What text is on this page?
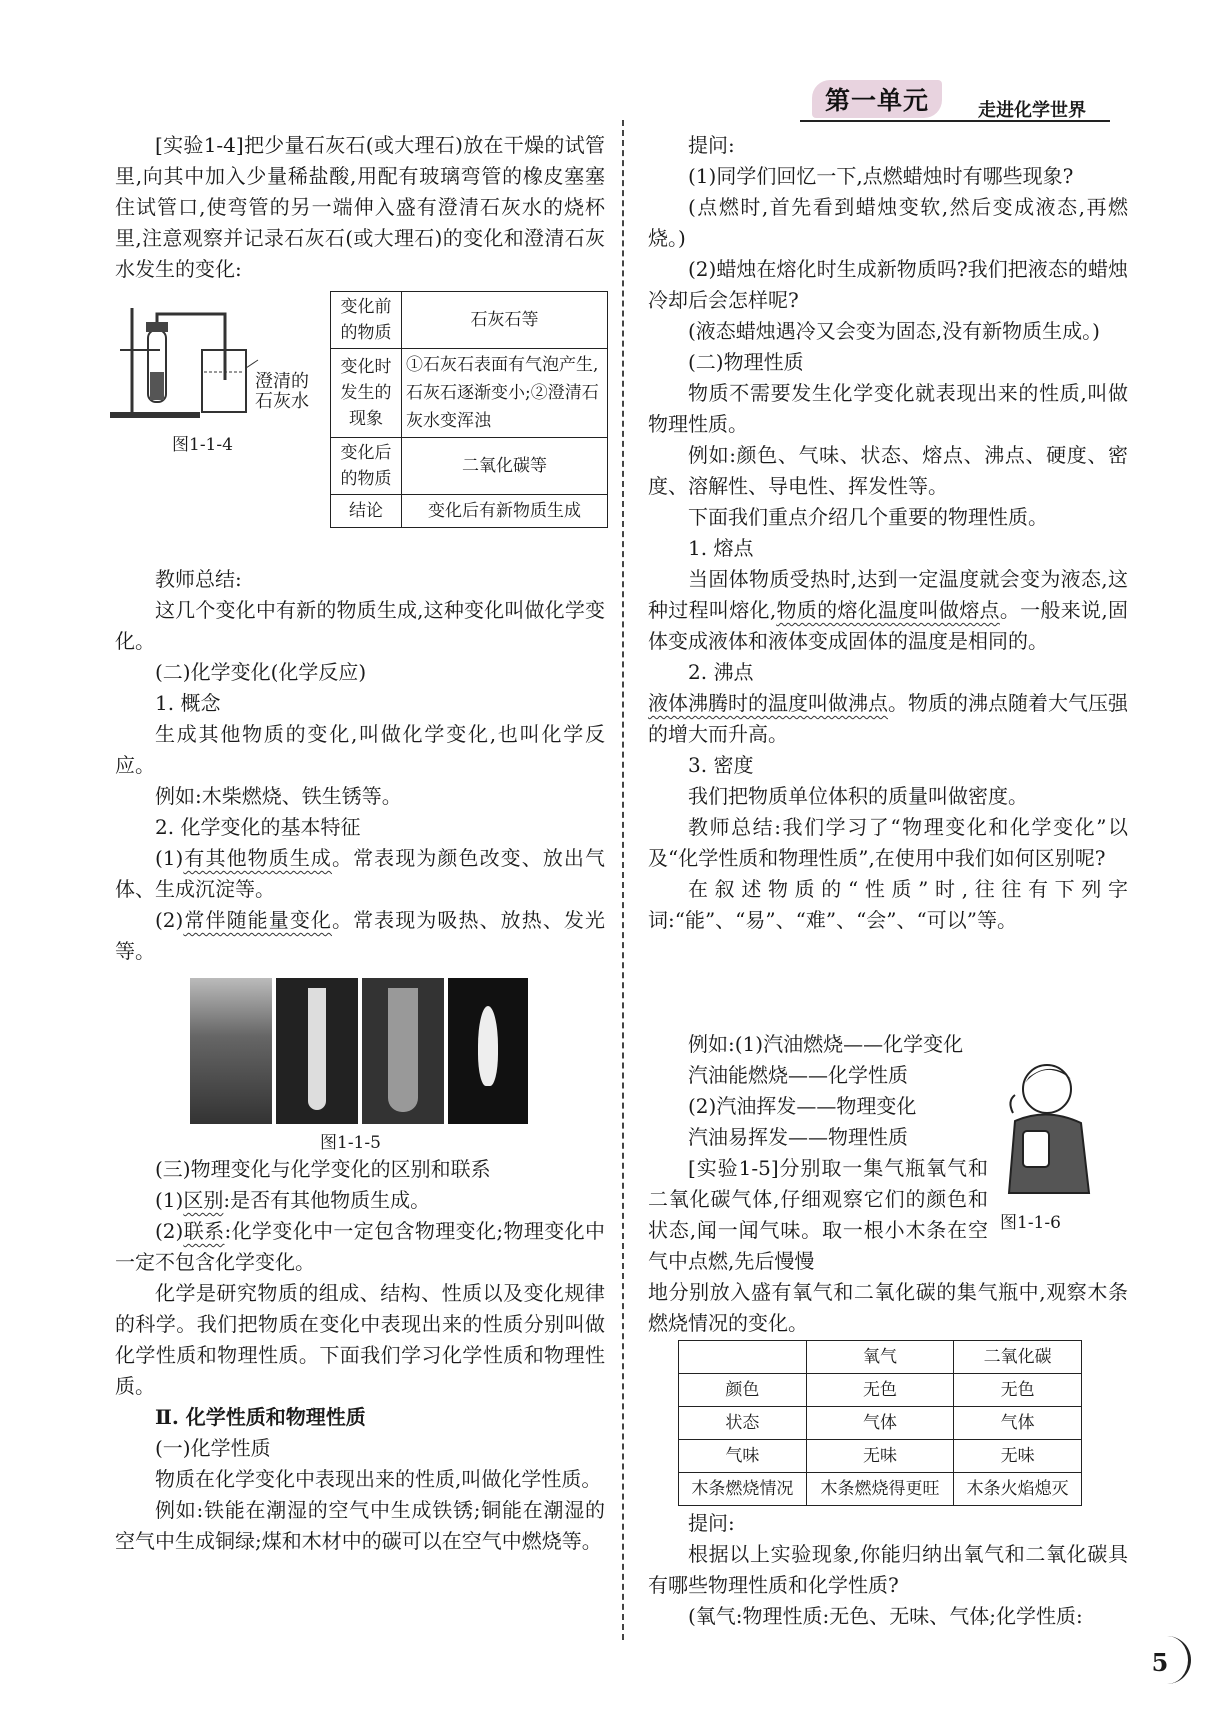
第一单元	走进化学世界

[实验1-4]把少量石灰石(或大理石)放在干燥的试管里,向其中加入少量稀盐酸,用配有玻璃弯管的橡皮塞塞住试管口,使弯管的另一端伸入盛有澄清石灰水的烧杯里,注意观察并记录石灰石(或大理石)的变化和澄清石灰水发生的变化:

澄清的
石灰水
图1-1-4
变化前的物质	石灰石等
变化时发生的现象	①石灰石表面有气泡产生,石灰石逐渐变小;②澄清石灰水变浑浊
变化后的物质	二氧化碳等
结论	变化后有新物质生成

教师总结:

这几个变化中有新的物质生成,这种变化叫做化学变化。

(二)化学变化(化学反应)

1. 概念

生成其他物质的变化,叫做化学变化,也叫化学反应。

例如:木柴燃烧、铁生锈等。

2. 化学变化的基本特征

(1)有其他物质生成。常表现为颜色改变、放出气体、生成沉淀等。

(2)常伴随能量变化。常表现为吸热、放热、发光等。

图1-1-5

(三)物理变化与化学变化的区别和联系

(1)区别:是否有其他物质生成。

(2)联系:化学变化中一定包含物理变化;物理变化中一定不包含化学变化。

化学是研究物质的组成、结构、性质以及变化规律的科学。我们把物质在变化中表现出来的性质分别叫做化学性质和物理性质。下面我们学习化学性质和物理性质。

Ⅱ. 化学性质和物理性质

(一)化学性质

物质在化学变化中表现出来的性质,叫做化学性质。

例如:铁能在潮湿的空气中生成铁锈;铜能在潮湿的空气中生成铜绿;煤和木材中的碳可以在空气中燃烧等。

提问:

(1)同学们回忆一下,点燃蜡烛时有哪些现象?

(点燃时,首先看到蜡烛变软,然后变成液态,再燃烧。)

(2)蜡烛在熔化时生成新物质吗?我们把液态的蜡烛冷却后会怎样呢?

(液态蜡烛遇冷又会变为固态,没有新物质生成。)

(二)物理性质

物质不需要发生化学变化就表现出来的性质,叫做物理性质。

例如:颜色、气味、状态、熔点、沸点、硬度、密度、溶解性、导电性、挥发性等。

下面我们重点介绍几个重要的物理性质。

1. 熔点

当固体物质受热时,达到一定温度就会变为液态,这种过程叫熔化,物质的熔化温度叫做熔点。一般来说,固体变成液体和液体变成固体的温度是相同的。

2. 沸点

液体沸腾时的温度叫做沸点。物质的沸点随着大气压强的增大而升高。

3. 密度

我们把物质单位体积的质量叫做密度。

教师总结:我们学习了“物理变化和化学变化”以及“化学性质和物理性质”,在使用中我们如何区别呢?

在叙述物质的“性质”时,往往有下列字词:“能”、“易”、“难”、“会”、“可以”等。

例如:(1)汽油燃烧——化学变化

汽油能燃烧——化学性质

(2)汽油挥发——物理变化

汽油易挥发——物理性质

[实验1-5]分别取一集气瓶氧气和二氧化碳气体,仔细观察它们的颜色和状态,闻一闻气味。取一根小木条在空气中点燃,先后慢慢

图1-1-6

地分别放入盛有氧气和二氧化碳的集气瓶中,观察木条燃烧情况的变化。

	氧气	二氧化碳
颜色	无色	无色
状态	气体	气体
气味	无味	无味
木条燃烧情况	木条燃烧得更旺	木条火焰熄灭

提问:

根据以上实验现象,你能归纳出氧气和二氧化碳具有哪些物理性质和化学性质?

(氧气:物理性质:无色、无味、气体;化学性质:

5
